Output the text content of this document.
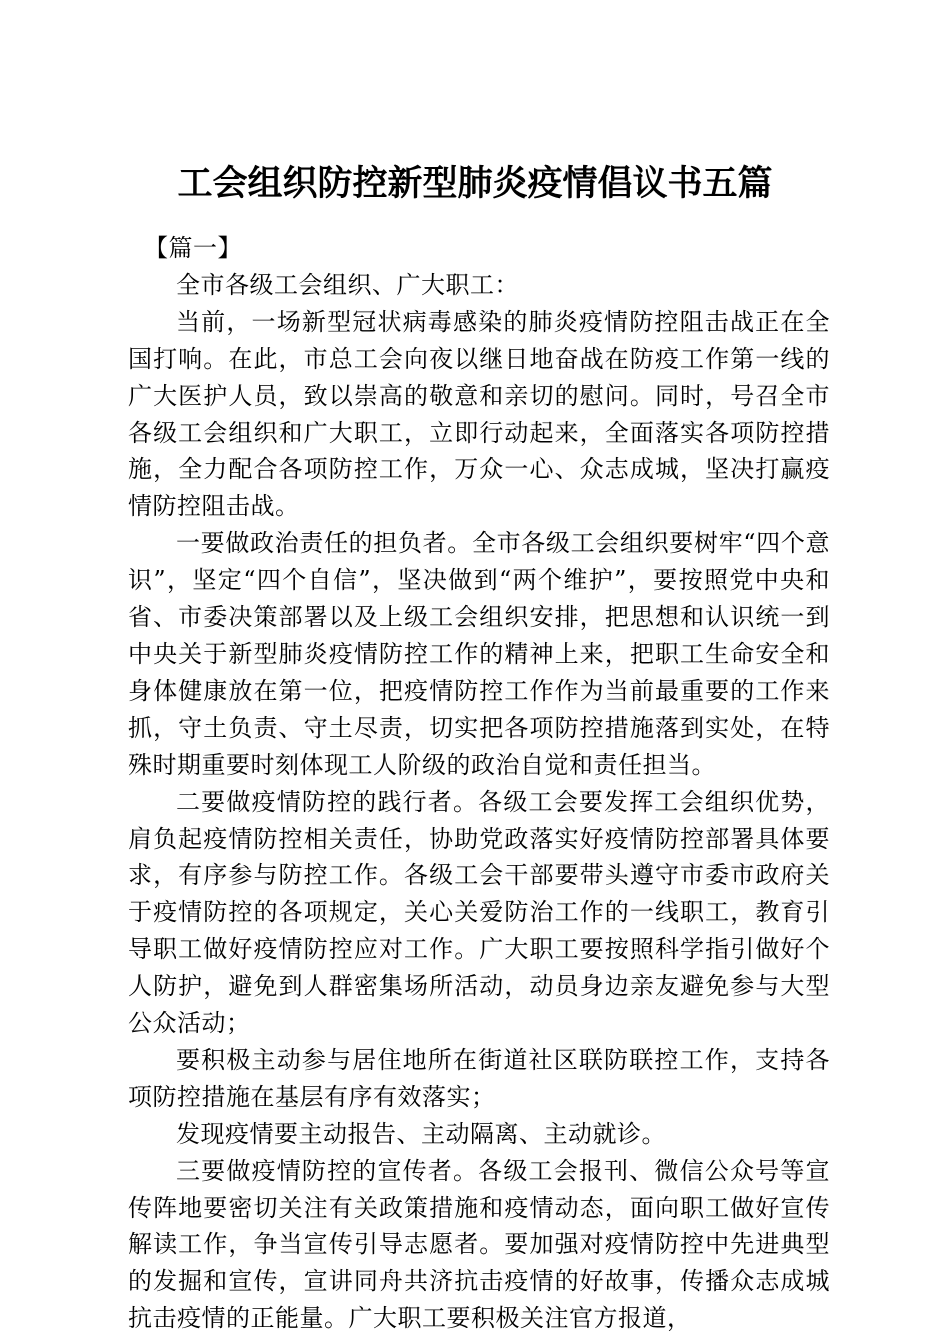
工会组织防控新型肺炎疫情倡议书五篇

【篇一】

全市各级工会组织、广大职工：

当前，一场新型冠状病毒感染的肺炎疫情防控阻击战正在全国打响。在此，市总工会向夜以继日地奋战在防疫工作第一线的广大医护人员，致以崇高的敬意和亲切的慰问。同时，号召全市各级工会组织和广大职工，立即行动起来，全面落实各项防控措施，全力配合各项防控工作，万众一心、众志成城，坚决打赢疫情防控阻击战。

一要做政治责任的担负者。全市各级工会组织要树牢“四个意识”，坚定“四个自信”，坚决做到“两个维护”，要按照党中央和省、市委决策部署以及上级工会组织安排，把思想和认识统一到中央关于新型肺炎疫情防控工作的精神上来，把职工生命安全和身体健康放在第一位，把疫情防控工作作为当前最重要的工作来抓，守土负责、守土尽责，切实把各项防控措施落到实处，在特殊时期重要时刻体现工人阶级的政治自觉和责任担当。

二要做疫情防控的践行者。各级工会要发挥工会组织优势，肩负起疫情防控相关责任，协助党政落实好疫情防控部署具体要求，有序参与防控工作。各级工会干部要带头遵守市委市政府关于疫情防控的各项规定，关心关爱防治工作的一线职工，教育引导职工做好疫情防控应对工作。广大职工要按照科学指引做好个人防护，避免到人群密集场所活动，动员身边亲友避免参与大型公众活动；

要积极主动参与居住地所在街道社区联防联控工作，支持各项防控措施在基层有序有效落实；

发现疫情要主动报告、主动隔离、主动就诊。

三要做疫情防控的宣传者。各级工会报刊、微信公众号等宣传阵地要密切关注有关政策措施和疫情动态，面向职工做好宣传解读工作，争当宣传引导志愿者。要加强对疫情防控中先进典型的发掘和宣传，宣讲同舟共济抗击疫情的好故事，传播众志成城抗击疫情的正能量。广大职工要积极关注官方报道，
